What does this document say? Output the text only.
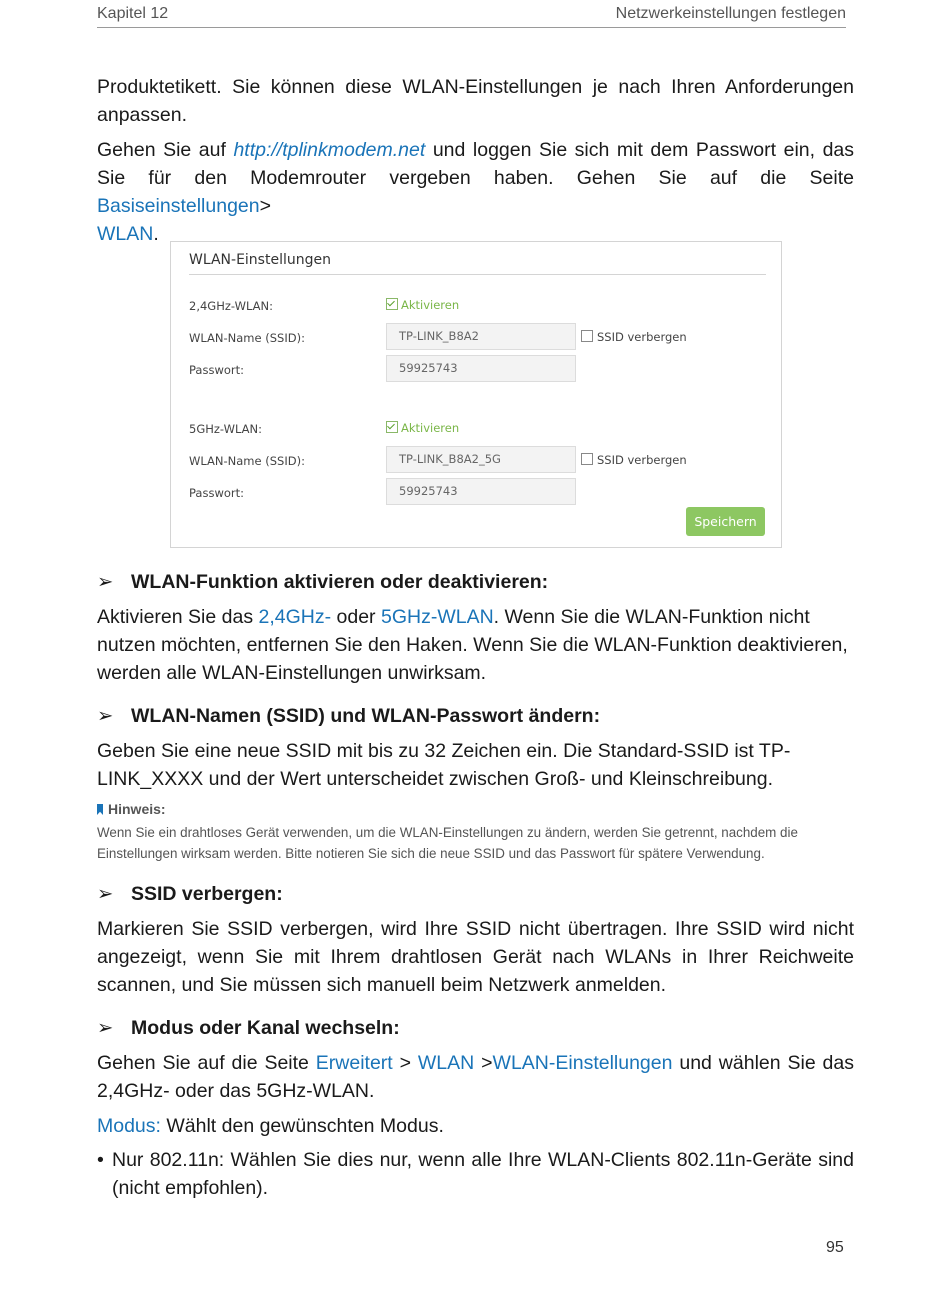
Kapitel 12	Netzwerkeinstellungen festlegen

Produktetikett. Sie können diese WLAN-Einstellungen je nach Ihren Anforderungen anpassen.

Gehen Sie auf http://tplinkmodem.net und loggen Sie sich mit dem Passwort ein, das Sie für den Modemrouter vergeben haben. Gehen Sie auf die Seite Basiseinstellungen>
WLAN.

WLAN-Einstellungen
2,4GHz-WLAN:	Aktivieren
WLAN-Name (SSID):	TP-LINK_B8A2	SSID verbergen
Passwort:	59925743
5GHz-WLAN:	Aktivieren
WLAN-Name (SSID):	TP-LINK_B8A2_5G	SSID verbergen
Passwort:	59925743
Speichern
➢ WLAN-Funktion aktivieren oder deaktivieren:

Aktivieren Sie das 2,4GHz- oder 5GHz-WLAN. Wenn Sie die WLAN-Funktion nicht nutzen möchten, entfernen Sie den Haken. Wenn Sie die WLAN-Funktion deaktivieren, werden alle WLAN-Einstellungen unwirksam.

➢ WLAN-Namen (SSID) und WLAN-Passwort ändern:

Geben Sie eine neue SSID mit bis zu 32 Zeichen ein. Die Standard-SSID ist TP-LINK_XXXX und der Wert unterscheidet zwischen Groß- und Kleinschreibung.

Hinweis:

Wenn Sie ein drahtloses Gerät verwenden, um die WLAN-Einstellungen zu ändern, werden Sie getrennt, nachdem die Einstellungen wirksam werden. Bitte notieren Sie sich die neue SSID und das Passwort für spätere Verwendung.

➢ SSID verbergen:

Markieren Sie SSID verbergen, wird Ihre SSID nicht übertragen. Ihre SSID wird nicht angezeigt, wenn Sie mit Ihrem drahtlosen Gerät nach WLANs in Ihrer Reichweite scannen, und Sie müssen sich manuell beim Netzwerk anmelden.

➢ Modus oder Kanal wechseln:

Gehen Sie auf die Seite Erweitert > WLAN >WLAN-Einstellungen und wählen Sie das 2,4GHz- oder das 5GHz-WLAN.

Modus: Wählt den gewünschten Modus.

• Nur 802.11n: Wählen Sie dies nur, wenn alle Ihre WLAN-Clients 802.11n-Geräte sind (nicht empfohlen).
95
